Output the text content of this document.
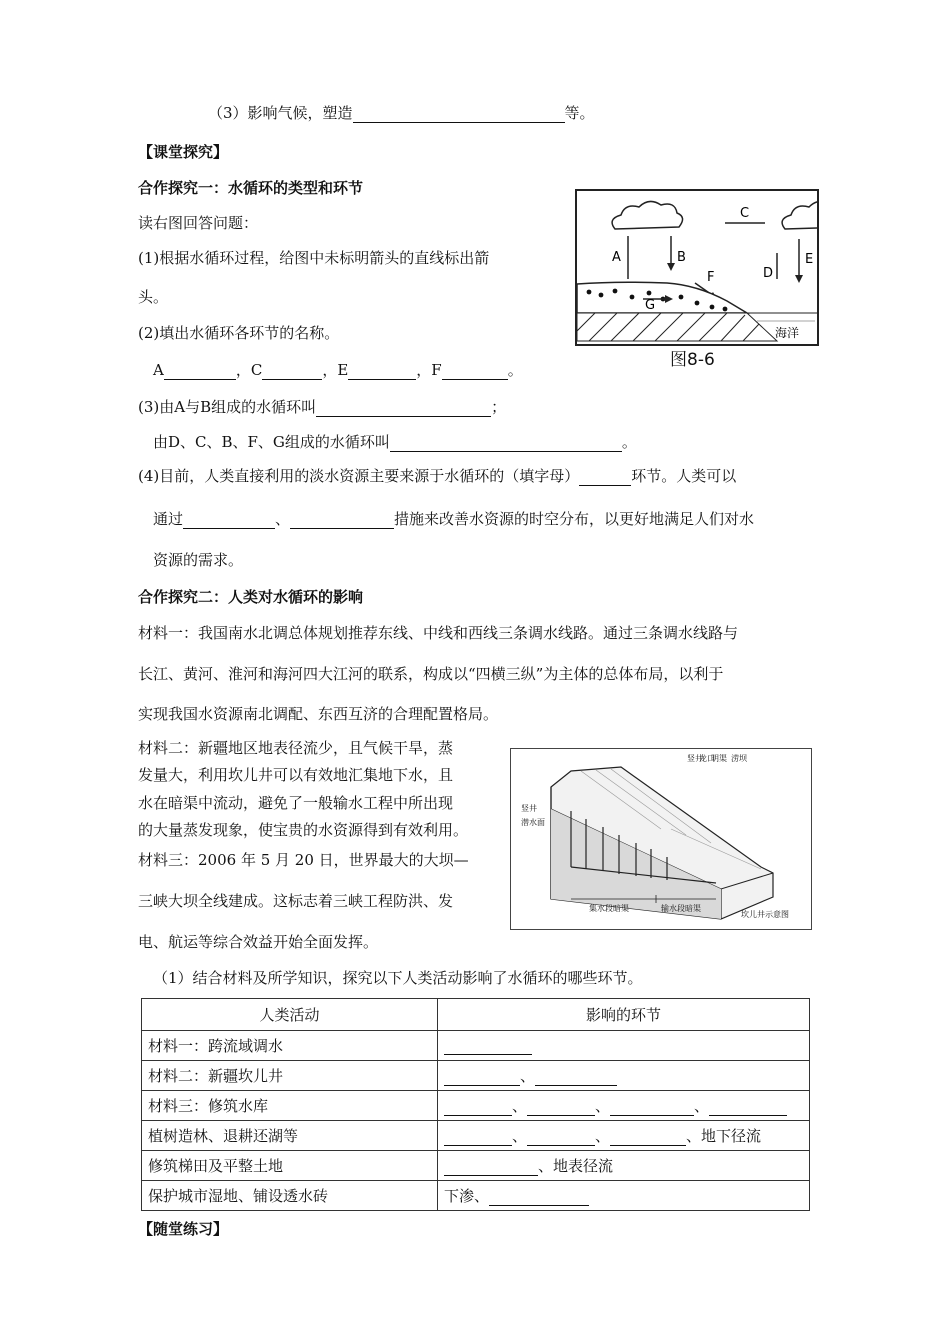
（3）影响气候，塑造	等。
【课堂探究】
合作探究一：水循环的类型和环节
读右图回答问题：
(1)根据水循环过程，给图中未标明箭头的直线标出箭
头。
(2)填出水循环各环节的名称。
A	，C	，E	，F	。
(3)由A与B组成的水循环叫	；
由D、C、B、F、G组成的水循环叫	。
(4)目前，人类直接利用的淡水资源主要来源于水循环的（填字母）	环节。人类可以
通过	、	措施来改善水资源的时空分布，以更好地满足人们对水
资源的需求。
C
A	B
D
F
G
海洋
E
图8-6
合作探究二：人类对水循环的影响
材料一：我国南水北调总体规划推荐东线、中线和西线三条调水线路。通过三条调水线路与
长江、黄河、淮河和海河四大江河的联系，构成以“四横三纵”为主体的总体布局，以利于
实现我国水资源南北调配、东西互济的合理配置格局。
材料二：新疆地区地表径流少，且气候干旱，蒸
发量大，利用坎儿井可以有效地汇集地下水，且
水在暗渠中流动，避免了一般输水工程中所出现
的大量蒸发现象，使宝贵的水资源得到有效利用。
材料三：2006 年 5 月 20 日，世界最大的大坝—
三峡大坝全线建成。这标志着三峡工程防洪、发
电、航运等综合效益开始全面发挥。
竖井
龙口
明渠 涝坝
竖井
潜水面
集水段暗渠	输水段暗渠
坎儿井示意图
（1）结合材料及所学知识，探究以下人类活动影响了水循环的哪些环节。
人类活动	影响的环节
材料一：跨流域调水	
材料二：新疆坎儿井	、
材料三：修筑水库	、 、 、
植树造林、退耕还湖等	、 、 、地下径流
修筑梯田及平整土地	、地表径流
保护城市湿地、铺设透水砖	下渗、
【随堂练习】
